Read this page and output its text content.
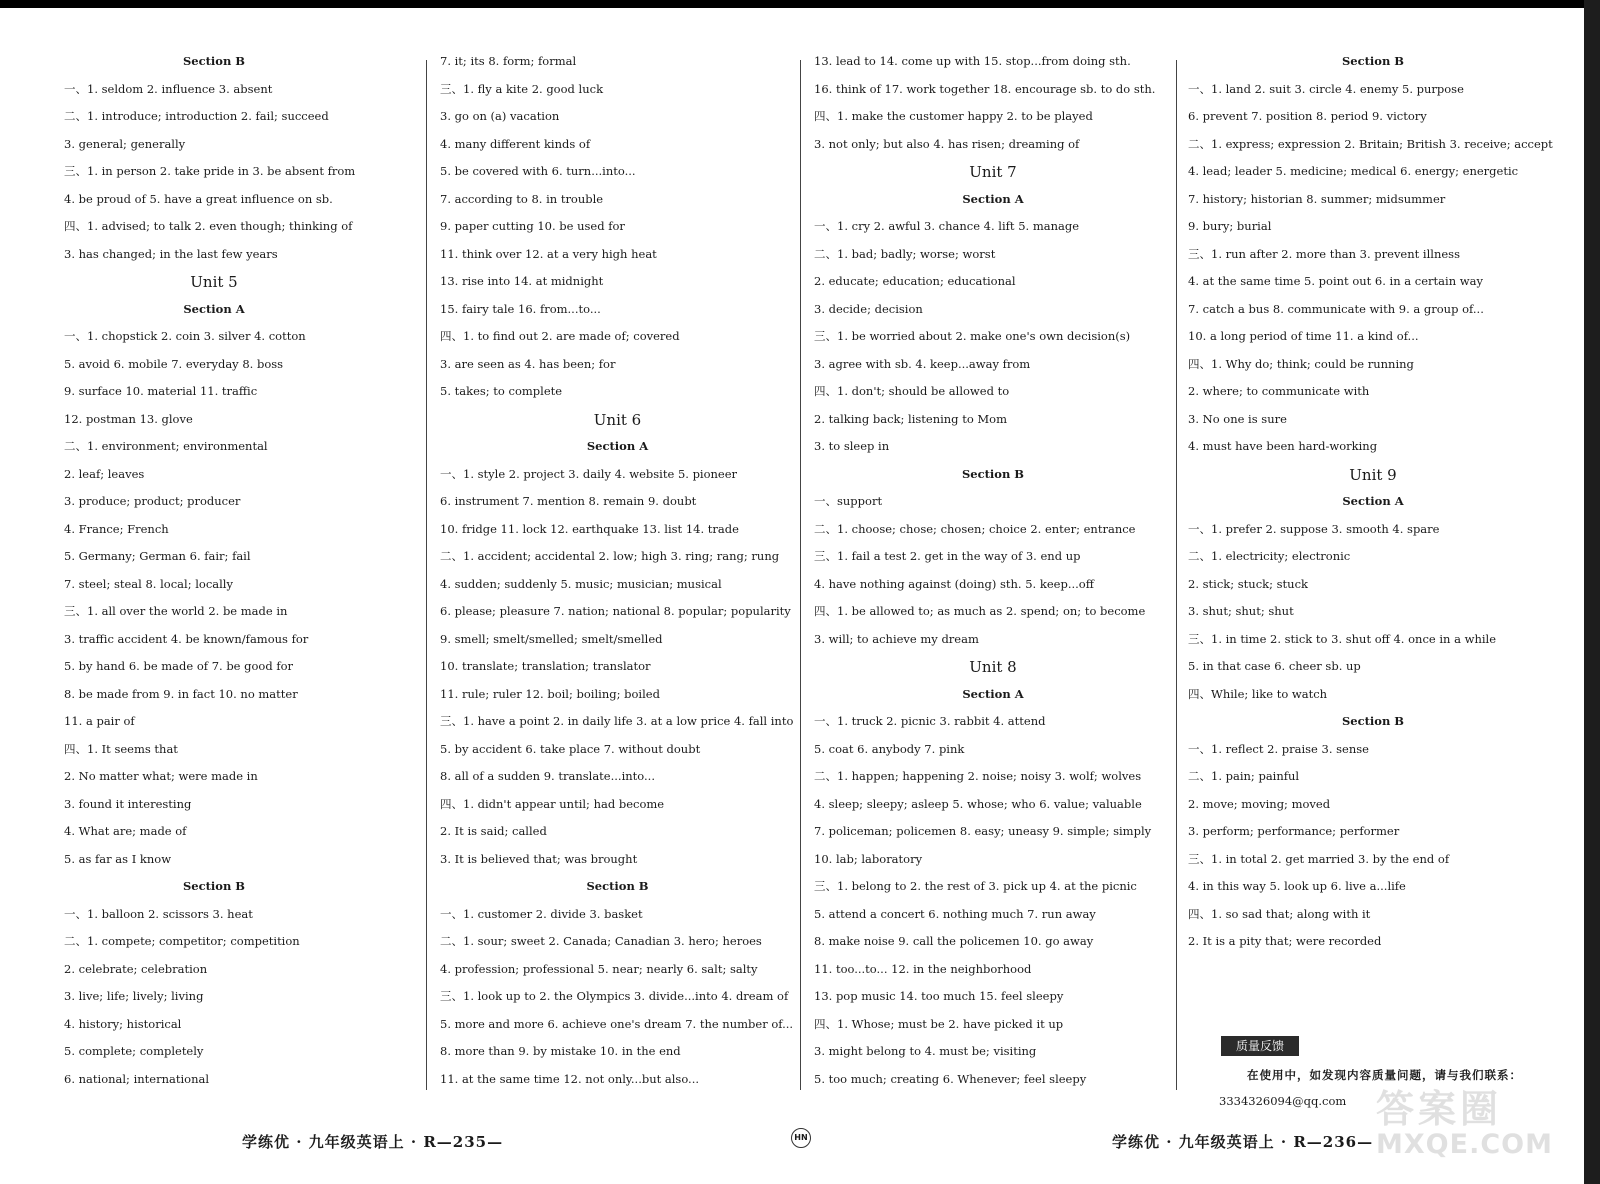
Section B
一、1. seldom 2. influence 3. absent
二、1. introduce; introduction 2. fail; succeed
3. general; generally
三、1. in person 2. take pride in 3. be absent from
4. be proud of 5. have a great influence on sb.
四、1. advised; to talk 2. even though; thinking of
3. has changed; in the last few years
Unit 5
Section A
一、1. chopstick 2. coin 3. silver 4. cotton
5. avoid 6. mobile 7. everyday 8. boss
9. surface 10. material 11. traffic
12. postman 13. glove
二、1. environment; environmental
2. leaf; leaves
3. produce; product; producer
4. France; French
5. Germany; German 6. fair; fail
7. steel; steal 8. local; locally
三、1. all over the world 2. be made in
3. traffic accident 4. be known/famous for
5. by hand 6. be made of 7. be good for
8. be made from 9. in fact 10. no matter
11. a pair of
四、1. It seems that
2. No matter what; were made in
3. found it interesting
4. What are; made of
5. as far as I know
Section B
一、1. balloon 2. scissors 3. heat
二、1. compete; competitor; competition
2. celebrate; celebration
3. live; life; lively; living
4. history; historical
5. complete; completely
6. national; international
7. it; its 8. form; formal
三、1. fly a kite 2. good luck
3. go on (a) vacation
4. many different kinds of
5. be covered with 6. turn...into...
7. according to 8. in trouble
9. paper cutting 10. be used for
11. think over 12. at a very high heat
13. rise into 14. at midnight
15. fairy tale 16. from...to...
四、1. to find out 2. are made of; covered
3. are seen as 4. has been; for
5. takes; to complete
Unit 6
Section A
一、1. style 2. project 3. daily 4. website 5. pioneer
6. instrument 7. mention 8. remain 9. doubt
10. fridge 11. lock 12. earthquake 13. list 14. trade
二、1. accident; accidental 2. low; high 3. ring; rang; rung
4. sudden; suddenly 5. music; musician; musical
6. please; pleasure 7. nation; national 8. popular; popularity
9. smell; smelt/smelled; smelt/smelled
10. translate; translation; translator
11. rule; ruler 12. boil; boiling; boiled
三、1. have a point 2. in daily life 3. at a low price 4. fall into
5. by accident 6. take place 7. without doubt
8. all of a sudden 9. translate...into...
四、1. didn't appear until; had become
2. It is said; called
3. It is believed that; was brought
Section B
一、1. customer 2. divide 3. basket
二、1. sour; sweet 2. Canada; Canadian 3. hero; heroes
4. profession; professional 5. near; nearly 6. salt; salty
三、1. look up to 2. the Olympics 3. divide...into 4. dream of
5. more and more 6. achieve one's dream 7. the number of...
8. more than 9. by mistake 10. in the end
11. at the same time 12. not only...but also...
13. lead to 14. come up with 15. stop...from doing sth.
16. think of 17. work together 18. encourage sb. to do sth.
四、1. make the customer happy 2. to be played
3. not only; but also 4. has risen; dreaming of
Unit 7
Section A
一、1. cry 2. awful 3. chance 4. lift 5. manage
二、1. bad; badly; worse; worst
2. educate; education; educational
3. decide; decision
三、1. be worried about 2. make one's own decision(s)
3. agree with sb. 4. keep...away from
四、1. don't; should be allowed to
2. talking back; listening to Mom
3. to sleep in
Section B
一、support
二、1. choose; chose; chosen; choice 2. enter; entrance
三、1. fail a test 2. get in the way of 3. end up
4. have nothing against (doing) sth. 5. keep...off
四、1. be allowed to; as much as 2. spend; on; to become
3. will; to achieve my dream
Unit 8
Section A
一、1. truck 2. picnic 3. rabbit 4. attend
5. coat 6. anybody 7. pink
二、1. happen; happening 2. noise; noisy 3. wolf; wolves
4. sleep; sleepy; asleep 5. whose; who 6. value; valuable
7. policeman; policemen 8. easy; uneasy 9. simple; simply
10. lab; laboratory
三、1. belong to 2. the rest of 3. pick up 4. at the picnic
5. attend a concert 6. nothing much 7. run away
8. make noise 9. call the policemen 10. go away
11. too...to... 12. in the neighborhood
13. pop music 14. too much 15. feel sleepy
四、1. Whose; must be 2. have picked it up
3. might belong to 4. must be; visiting
5. too much; creating 6. Whenever; feel sleepy
Section B
一、1. land 2. suit 3. circle 4. enemy 5. purpose
6. prevent 7. position 8. period 9. victory
二、1. express; expression 2. Britain; British 3. receive; accept
4. lead; leader 5. medicine; medical 6. energy; energetic
7. history; historian 8. summer; midsummer
9. bury; burial
三、1. run after 2. more than 3. prevent illness
4. at the same time 5. point out 6. in a certain way
7. catch a bus 8. communicate with 9. a group of...
10. a long period of time 11. a kind of...
四、1. Why do; think; could be running
2. where; to communicate with
3. No one is sure
4. must have been hard-working
Unit 9
Section A
一、1. prefer 2. suppose 3. smooth 4. spare
二、1. electricity; electronic
2. stick; stuck; stuck
3. shut; shut; shut
三、1. in time 2. stick to 3. shut off 4. once in a while
5. in that case 6. cheer sb. up
四、While; like to watch
Section B
一、1. reflect 2. praise 3. sense
二、1. pain; painful
2. move; moving; moved
3. perform; performance; performer
三、1. in total 2. get married 3. by the end of
4. in this way 5. look up 6. live a...life
四、1. so sad that; along with it
2. It is a pity that; were recorded
质量反馈
在使用中，如发现内容质量问题，请与我们联系：
3334326094@qq.com
学练优 · 九年级英语上 · R—235—	HN	学练优 · 九年级英语上 · R—236—
答案圈
MXQE.COM
